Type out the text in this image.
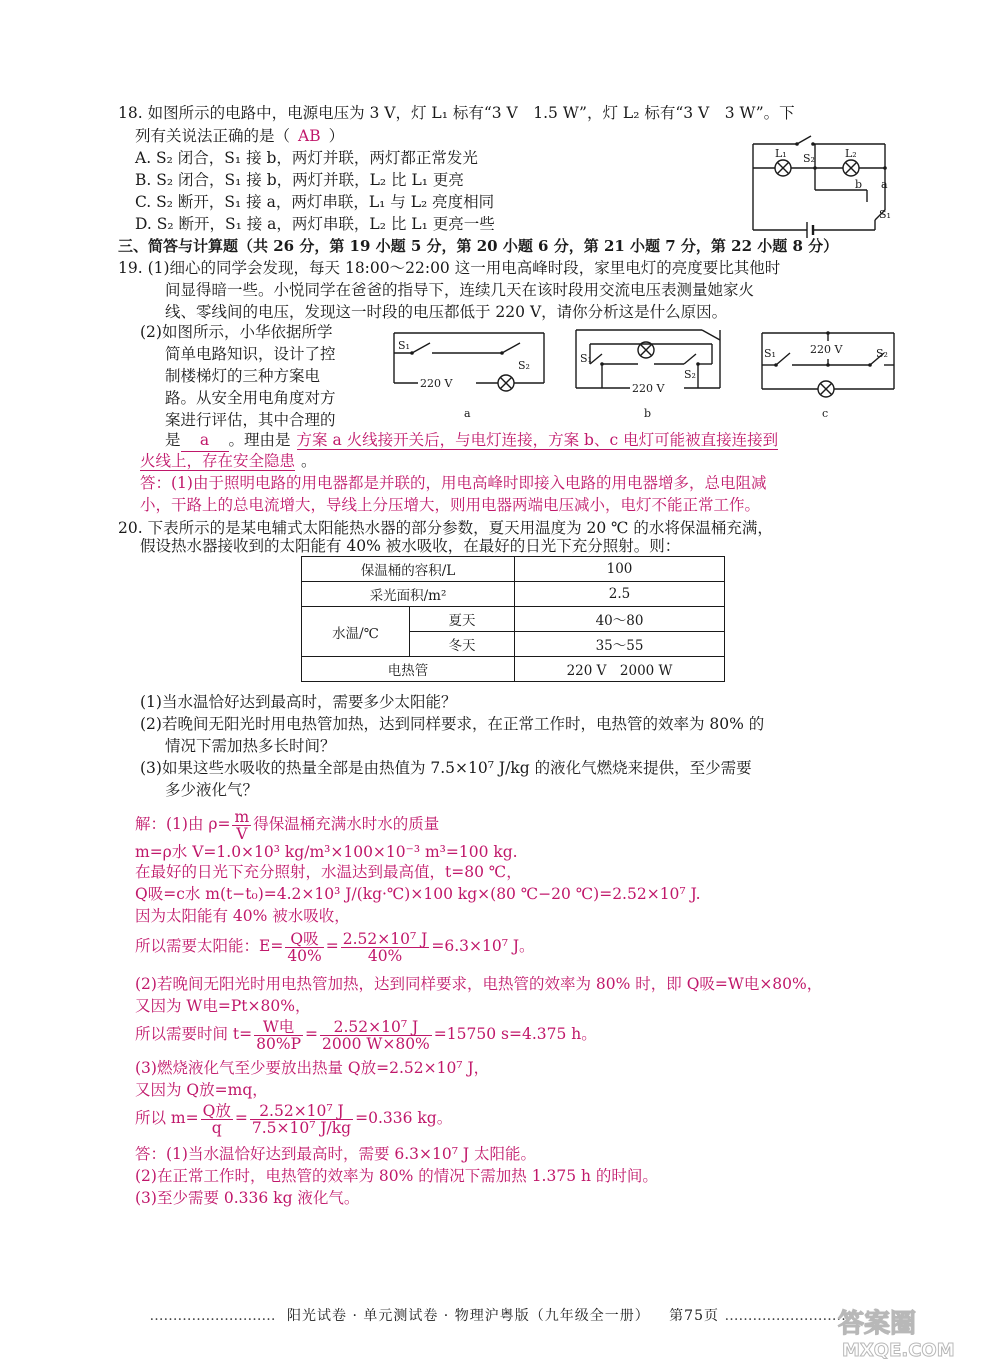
18. 如图所示的电路中，电源电压为 3 V，灯 L₁ 标有“3 V　1.5 W”，灯 L₂ 标有“3 V　3 W”。下
列有关说法正确的是（ AB ）
A. S₂ 闭合，S₁ 接 b，两灯并联，两灯都正常发光
B. S₂ 闭合，S₁ 接 b，两灯并联，L₂ 比 L₁ 更亮
C. S₂ 断开，S₁ 接 a，两灯串联，L₁ 与 L₂ 亮度相同
D. S₂ 断开，S₁ 接 a，两灯串联，L₂ 比 L₁ 更亮一些
L₁ S₂	L₂
b a
S₁
三、简答与计算题（共 26 分，第 19 小题 5 分，第 20 小题 6 分，第 21 小题 7 分，第 22 小题 8 分）
19. (1)细心的同学会发现，每天 18:00～22:00 这一用电高峰时段，家里电灯的亮度要比其他时
间显得暗一些。小悦同学在爸爸的指导下，连续几天在该时段用交流电压表测量她家火
线、零线间的电压，发现这一时段的电压都低于 220 V，请你分析这是什么原因。
(2)如图所示，小华依据所学
简单电路知识，设计了控
制楼梯灯的三种方案电
路。从安全用电角度对方
案进行评估，其中合理的
S₁
S₂
220 V
a
S₁
S₂
220 V
b
S₁	220 V	S₂
c
是 a 。理由是 方案 a 火线接开关后，与电灯连接，方案 b、c 电灯可能被直接连接到
火线上，存在安全隐患 。
答：(1)由于照明电路的用电器都是并联的，用电高峰时即接入电路的用电器增多，总电阻减
小，干路上的总电流增大，导线上分压增大，则用电器两端电压减小，电灯不能正常工作。
20. 下表所示的是某电辅式太阳能热水器的部分参数，夏天用温度为 20 ℃ 的水将保温桶充满，
假设热水器接收到的太阳能有 40% 被水吸收，在最好的日光下充分照射。则：
保温桶的容积/L		100
采光面积/m²		2.5
水温/℃	夏天	40～80
	冬天	35～55
电热管		220 V　2000 W
(1)当水温恰好达到最高时，需要多少太阳能？
(2)若晚间无阳光时用电热管加热，达到同样要求，在正常工作时，电热管的效率为 80% 的
情况下需加热多长时间？
(3)如果这些水吸收的热量全部是由热值为 7.5×10⁷ J/kg 的液化气燃烧来提供，至少需要
多少液化气？
解：(1)由 $\rho= \frac{m}{V}$ 得保温桶充满水时水的质量
m=ρ水 V=1.0×10³ kg/m³×100×10⁻³ m³=100 kg.
在最好的日光下充分照射，水温达到最高值，t=80 ℃，
Q吸=c水 m(t−t₀)=4.2×10³ J/(kg·℃)×100 kg×(80 ℃−20 ℃)=2.52×10⁷ J.
因为太阳能有 40% 被水吸收，
所以需要太阳能：$E= \frac{\text{Q吸}}{40\%} = \frac{\text{2.52×10⁷ J}}{40\%} =6.3\times 10^7$ J。
(2)若晚间无阳光时用电热管加热，达到同样要求，电热管的效率为 80% 时，即 Q吸=W电×80%，
又因为 W电=Pt×80%，
所以需要时间 $t= \frac{\text{W电}}{80\%P} = \frac{\text{2.52×10⁷ J}}{2000 W\times 80\%} =15750$ s=4.375 h。
(3)燃烧液化气至少要放出热量 Q放=2.52×10⁷ J，
又因为 Q放=mq，
所以 $m= \frac{\text{Q放}}{q} = \frac{\text{2.52×10⁷ J}}{\text{7.5×10⁷ J/kg}} =0.336$ kg。
答：(1)当水温恰好达到最高时，需要 6.3×10⁷ J 太阳能。
(2)在正常工作时，电热管的效率为 80% 的情况下需加热 1.375 h 的时间。
(3)至少需要 0.336 kg 液化气。
……………………… 阳光试卷 · 单元测试卷 · 物理沪粤版（九年级全一册） 第75页 ………………………
答案圈
MXQE.COM
